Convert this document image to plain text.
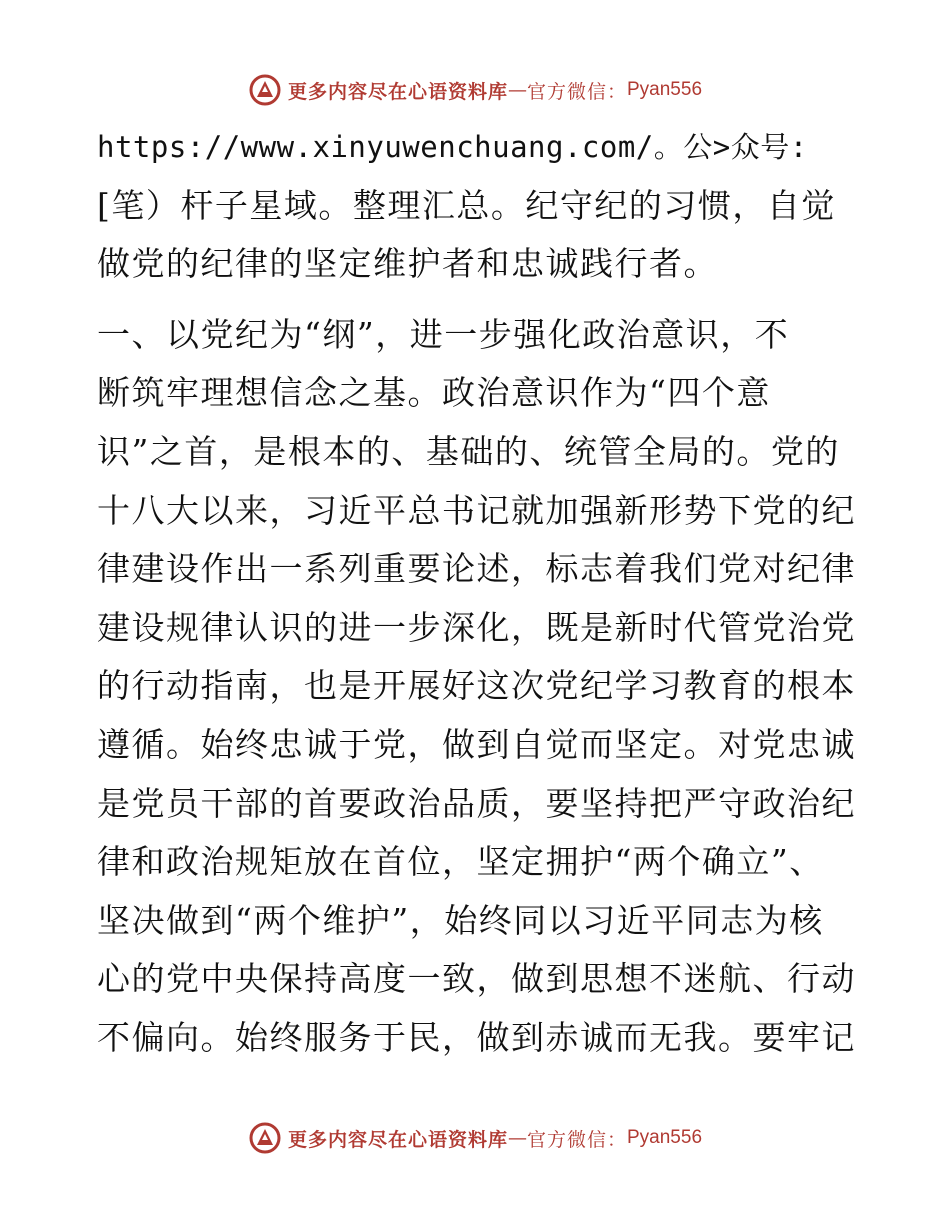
更多内容尽在心语资料库 — 官方微信： Pyan556
https://www.xinyuwenchuang.com/。公>众号:
[笔）杆子星域。整理汇总。纪守纪的习惯，自觉
做党的纪律的坚定维护者和忠诚践行者。
一、以党纪为“纲”，进一步强化政治意识，不
断筑牢理想信念之基。政治意识作为“四个意
识”之首，是根本的、基础的、统管全局的。党的
十八大以来，习近平总书记就加强新形势下党的纪
律建设作出一系列重要论述，标志着我们党对纪律
建设规律认识的进一步深化，既是新时代管党治党
的行动指南，也是开展好这次党纪学习教育的根本
遵循。始终忠诚于党，做到自觉而坚定。对党忠诚
是党员干部的首要政治品质，要坚持把严守政治纪
律和政治规矩放在首位，坚定拥护“两个确立”、
坚决做到“两个维护”，始终同以习近平同志为核
心的党中央保持高度一致，做到思想不迷航、行动
不偏向。始终服务于民，做到赤诚而无我。要牢记
更多内容尽在心语资料库 — 官方微信： Pyan556
